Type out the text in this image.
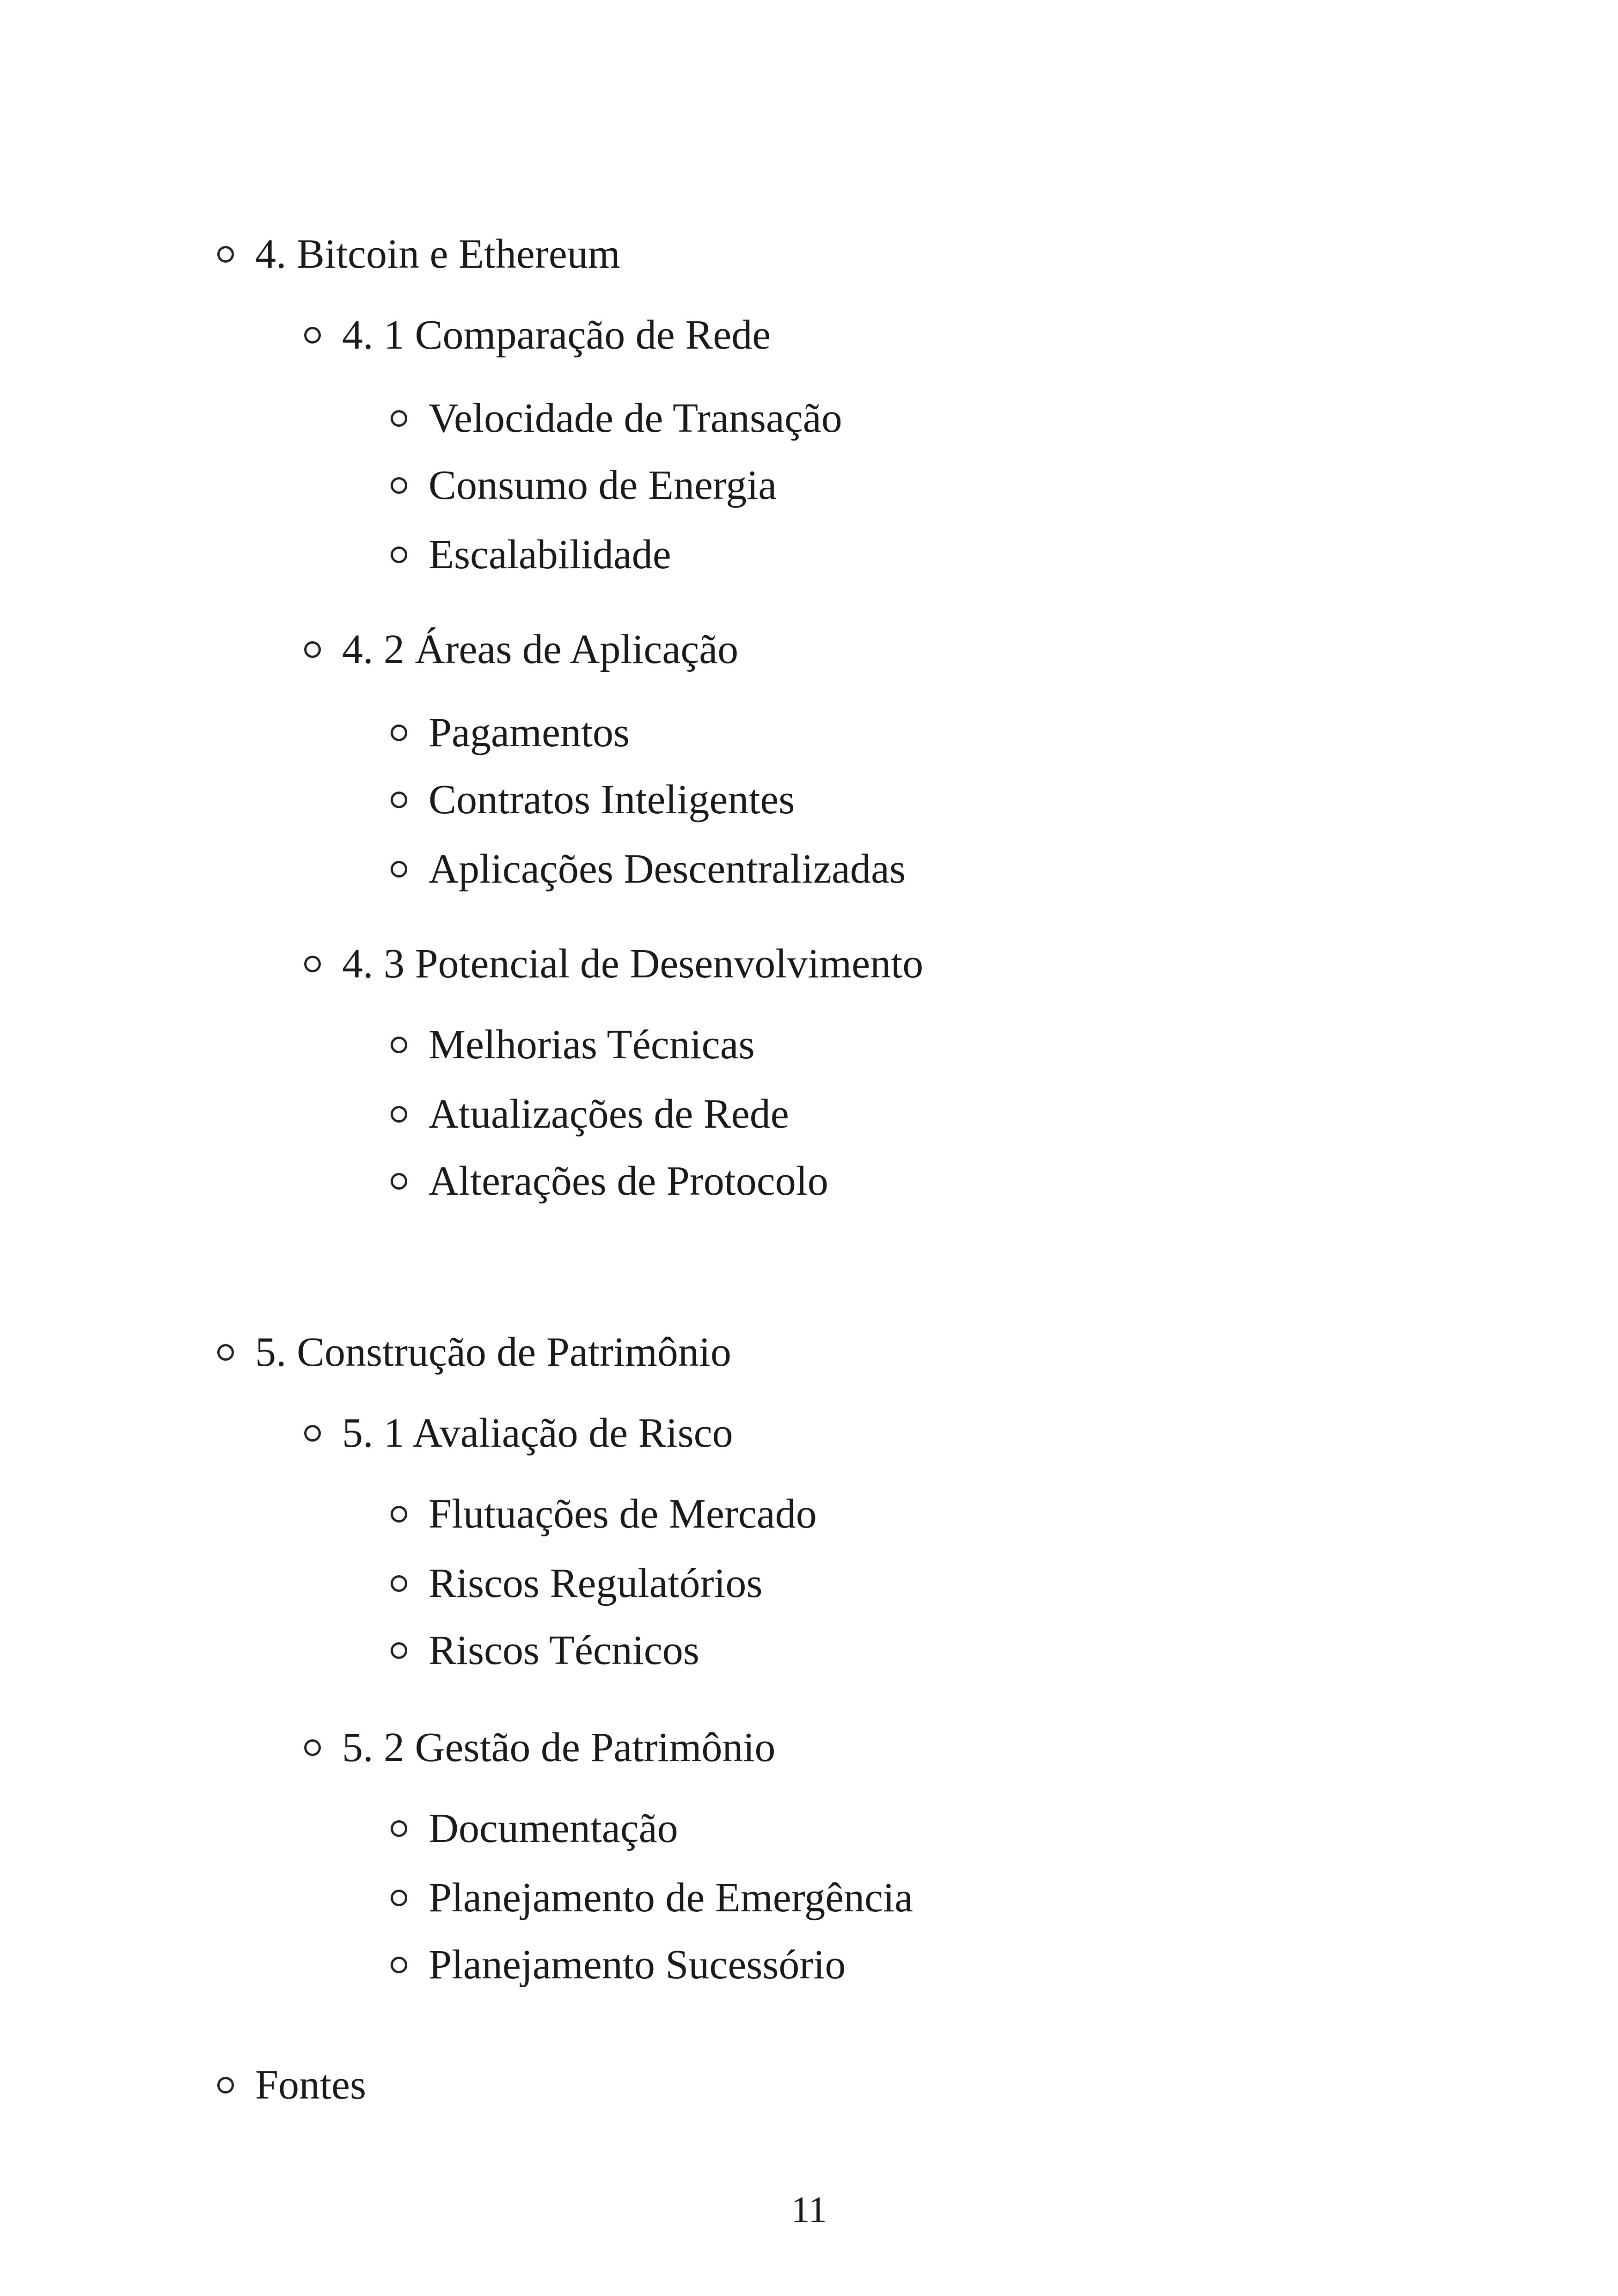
4. Bitcoin e Ethereum
4. 1 Comparação de Rede
Velocidade de Transação
Consumo de Energia
Escalabilidade
4. 2 Áreas de Aplicação
Pagamentos
Contratos Inteligentes
Aplicações Descentralizadas
4. 3 Potencial de Desenvolvimento
Melhorias Técnicas
Atualizações de Rede
Alterações de Protocolo
5. Construção de Patrimônio
5. 1 Avaliação de Risco
Flutuações de Mercado
Riscos Regulatórios
Riscos Técnicos
5. 2 Gestão de Patrimônio
Documentação
Planejamento de Emergência
Planejamento Sucessório
Fontes
11
